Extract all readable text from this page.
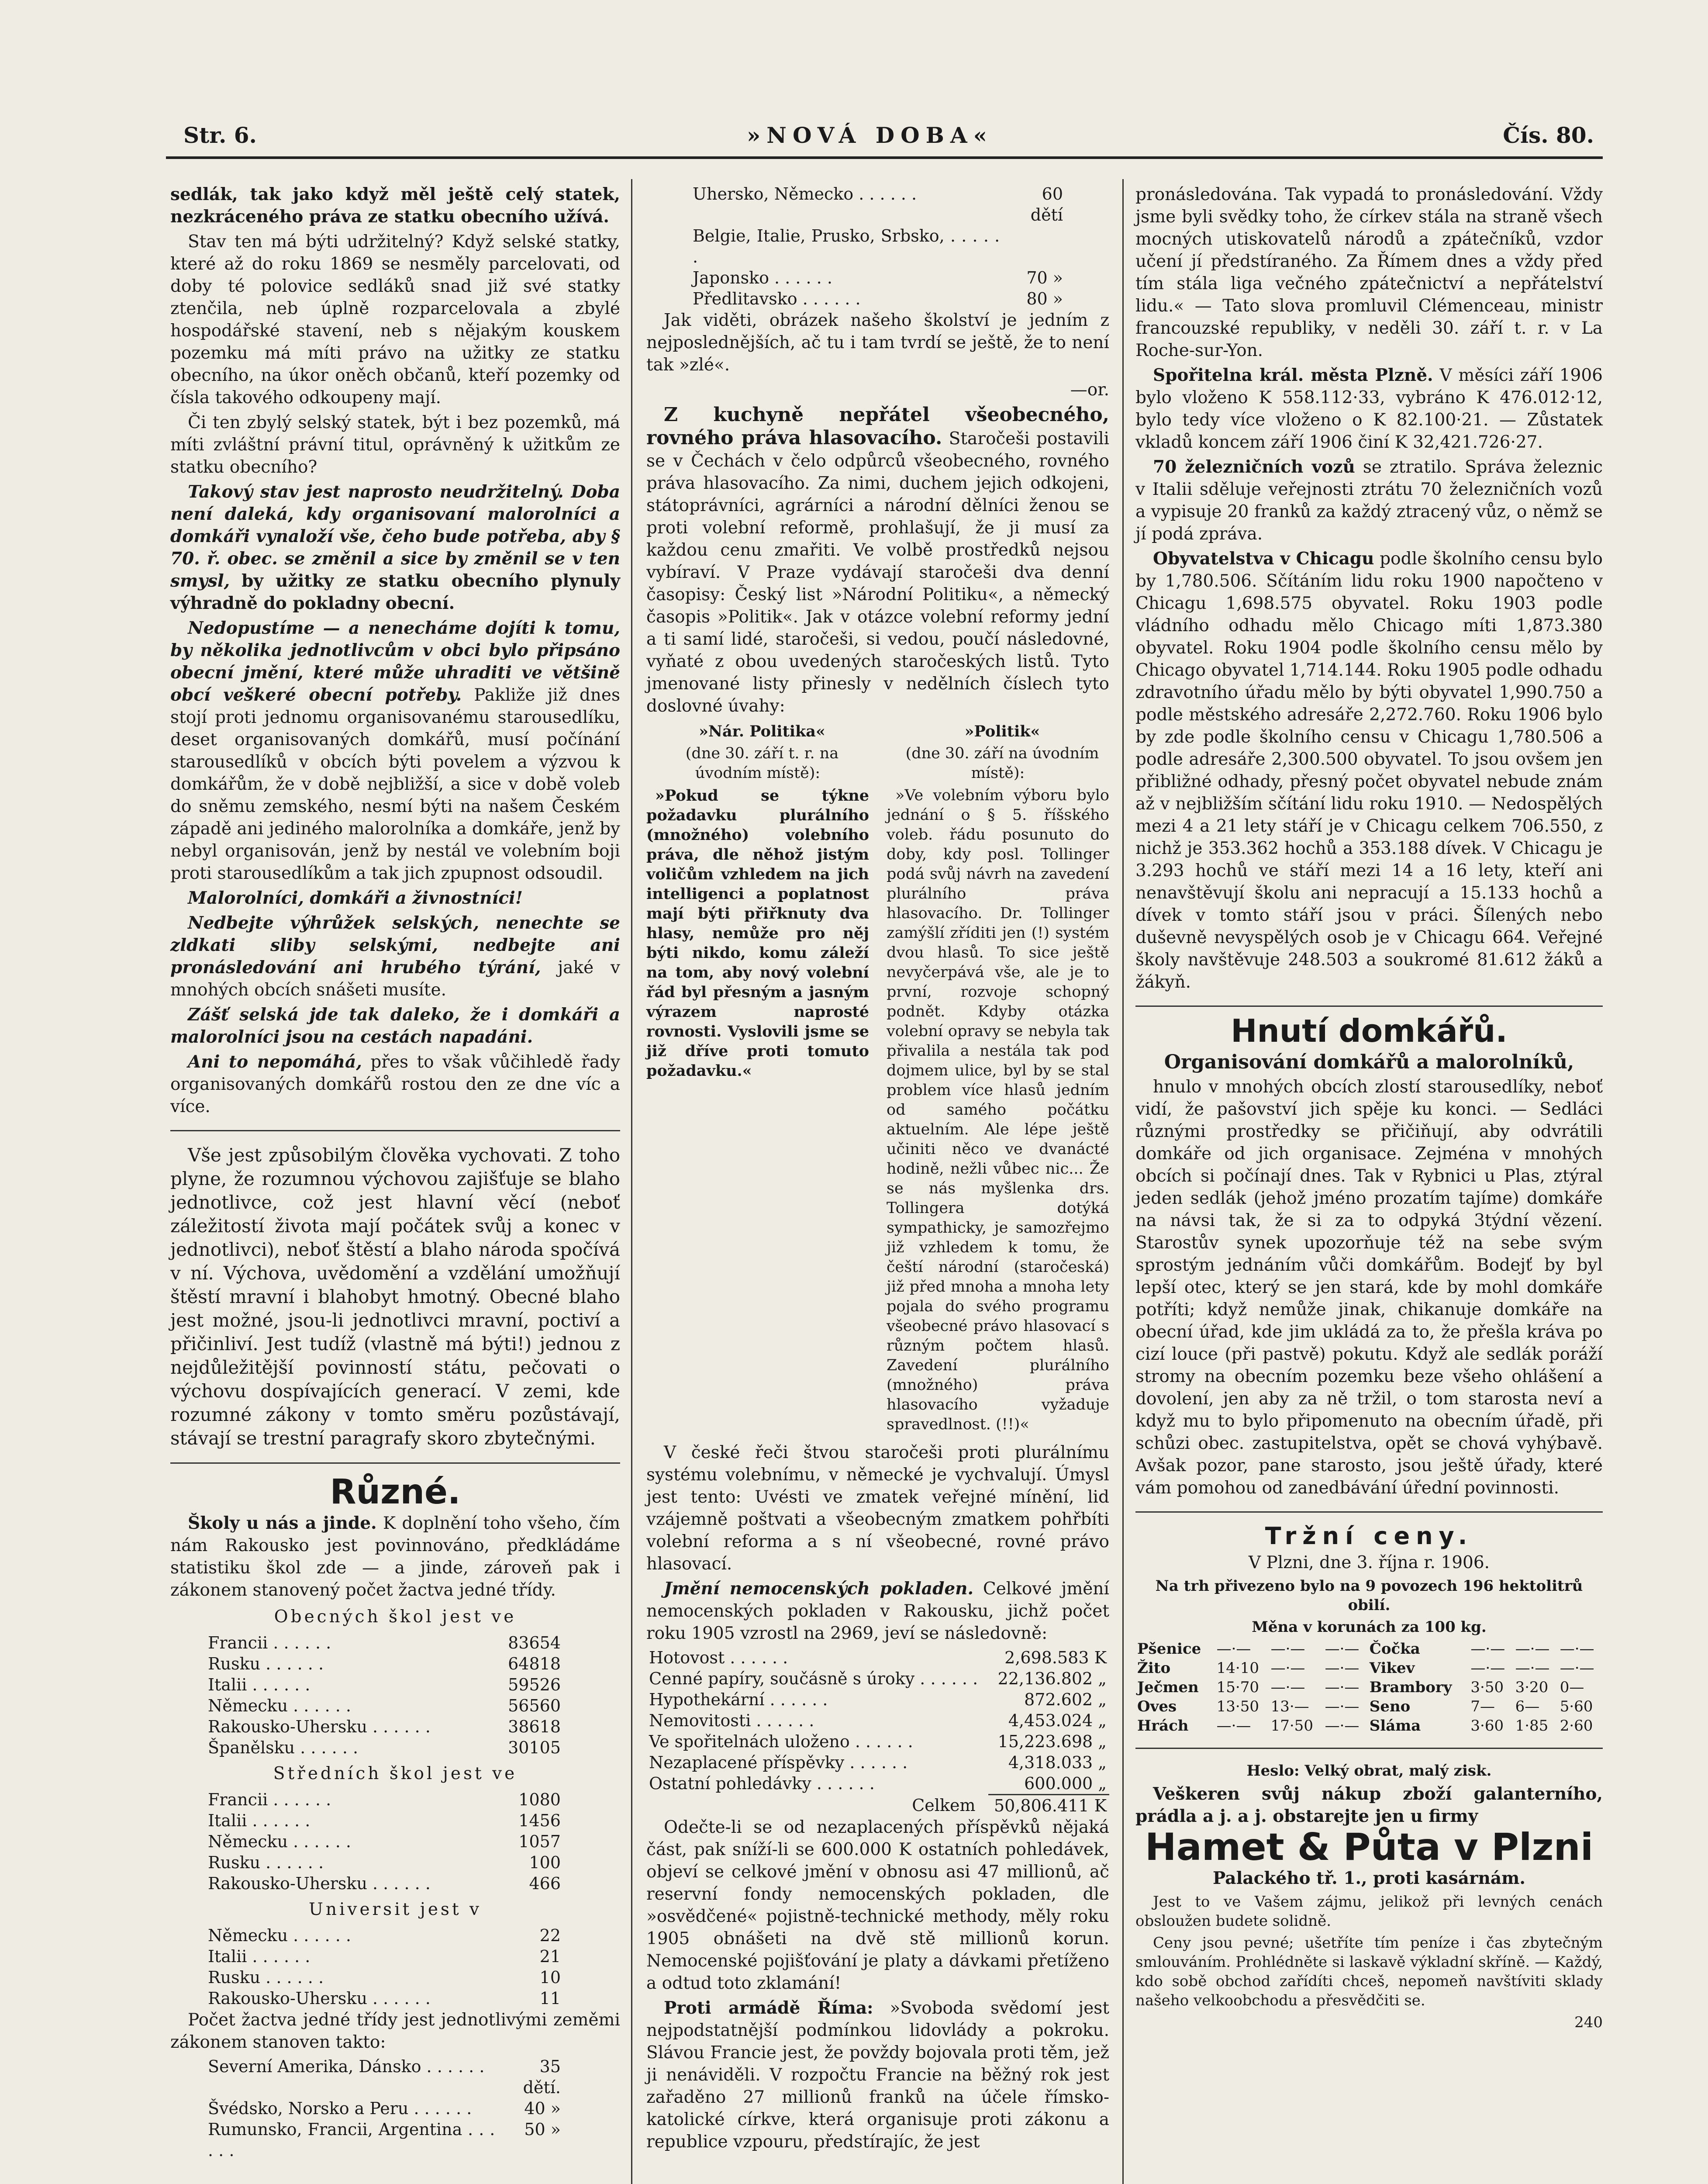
Str. 6.	»NOVÁ DOBA«	Čís. 80.

sedlák, tak jako když měl ještě celý statek, nezkráceného práva ze statku obecního užívá.

Stav ten má býti udržitelný? Když selské statky, které až do roku 1869 se nesměly parcelovati, od doby té polovice sedláků snad již své statky ztenčila, neb úplně rozparcelovala a zbylé hospodářské stavení, neb s nějakým kouskem pozemku má míti právo na užitky ze statku obecního, na úkor oněch občanů, kteří pozemky od čísla takového odkoupeny mají.

Či ten zbylý selský statek, být i bez pozemků, má míti zvláštní právní titul, oprávněný k užitkům ze statku obecního?

Takový stav jest naprosto neudržitelný. Doba není daleká, kdy organisovaní malorolníci a domkáři vynaloží vše, čeho bude potřeba, aby § 70. ř. obec. se změnil a sice by změnil se v ten smysl, by užitky ze statku obecního plynuly výhradně do pokladny obecní.

Nedopustíme — a nenecháme dojíti k tomu, by několika jednotlivcům v obci bylo připsáno obecní jmění, které může uhraditi ve většině obcí veškeré obecní potřeby. Pakliže již dnes stojí proti jednomu organisovanému starousedlíku, deset organisovaných domkářů, musí počínání starousedlíků v obcích býti povelem a výzvou k domkářům, že v době nejbližší, a sice v době voleb do sněmu zemského, nesmí býti na našem Českém západě ani jediného malorolníka a domkáře, jenž by nebyl organisován, jenž by nestál ve volebním boji proti starousedlíkům a tak jich zpupnost odsoudil.

Malorolníci, domkáři a živnostníci!

Nedbejte výhrůžek selských, nenechte se zldkati sliby selskými, nedbejte ani pronásledování ani hrubého týrání, jaké v mnohých obcích snášeti musíte.

Zášť selská jde tak daleko, že i domkáři a malorolníci jsou na cestách napadáni.

Ani to nepomáhá, přes to však vůčihledě řady organisovaných domkářů rostou den ze dne víc a více.

Vše jest způsobilým člověka vychovati. Z toho plyne, že rozumnou výchovou zajišťuje se blaho jednotlivce, což jest hlavní věcí (neboť záležitostí života mají počátek svůj a konec v jednotlivci), neboť štěstí a blaho národa spočívá v ní. Výchova, uvědomění a vzdělání umožňují štěstí mravní i blahobyt hmotný. Obecné blaho jest možné, jsou-li jednotlivci mravní, poctiví a přičinliví. Jest tudíž (vlastně má býti!) jednou z nejdůležitější povinností státu, pečovati o výchovu dospívajících generací. V zemi, kde rozumné zákony v tomto směru pozůstávají, stávají se trestní paragrafy skoro zbytečnými.

Různé.

Školy u nás a jinde. K doplnění toho všeho, čím nám Rakousko jest povinnováno, předkládáme statistiku škol zde — a jinde, zároveň pak i zákonem stanovený počet žactva jedné třídy.

Obecných škol jest ve
Francii . . . . . .	83654
Rusku . . . . . .	64818
Italii . . . . . .	59526
Německu . . . . . .	56560
Rakousko-Uhersku . . . . . .	38618
Španělsku . . . . . .	30105
Středních škol jest ve
Francii . . . . . .	1080
Italii . . . . . .	1456
Německu . . . . . .	1057
Rusku . . . . . .	100
Rakousko-Uhersku . . . . . .	466
Universit jest v
Německu . . . . . .	22
Italii . . . . . .	21
Rusku . . . . . .	10
Rakousko-Uhersku . . . . . .	11

Počet žactva jedné třídy jest jednotlivými zeměmi zákonem stanoven takto:

Severní Amerika, Dánsko . . . . . .	35 dětí.
Švédsko, Norsko a Peru . . . . . .	40 »
Rumunsko, Francii, Argentina . . . . . .	50 »
Uhersko, Německo . . . . . .	60 dětí
Belgie, Italie, Prusko, Srbsko, . . . . . .	
Japonsko . . . . . .	70 »
Předlitavsko . . . . . .	80 »

Jak viděti, obrázek našeho školství je jedním z nejposlednějších, ač tu i tam tvrdí se ještě, že to není tak »zlé«.

—or.

Z kuchyně nepřátel všeobecného, rovného práva hlasovacího. Staročeši postavili se v Čechách v čelo odpůrců všeobecného, rovného práva hlasovacího. Za nimi, duchem jejich odkojeni, státoprávníci, agrárníci a národní dělníci ženou se proti volební reformě, prohlašují, že ji musí za každou cenu zmařiti. Ve volbě prostředků nejsou vybíraví. V Praze vydávají staročeši dva denní časopisy: Český list »Národní Politiku«, a německý časopis »Politik«. Jak v otázce volební reformy jední a ti samí lidé, staročeši, si vedou, poučí následovné, vyňaté z obou uvedených staročeských listů. Tyto jmenované listy přinesly v nedělních číslech tyto doslovné úvahy:

»Nár. Politika«

(dne 30. září t. r. na úvodním místě):

»Pokud se týkne požadavku plurálního (množného) volebního práva, dle něhož jistým voličům vzhledem na jich intelligenci a poplatnost mají býti přiřknuty dva hlasy, nemůže pro něj býti nikdo, komu záleží na tom, aby nový volební řád byl přesným a jasným výrazem naprosté rovnosti. Vyslovili jsme se již dříve proti tomuto požadavku.«

»Politik«

(dne 30. září na úvodním místě):

»Ve volebním výboru bylo jednání o § 5. říšského voleb. řádu posunuto do doby, kdy posl. Tollinger podá svůj návrh na zavedení plurálního práva hlasovacího. Dr. Tollinger zamýšlí zříditi jen (!) systém dvou hlasů. To sice ještě nevyčerpává vše, ale je to první, rozvoje schopný podnět. Kdyby otázka volební opravy se nebyla tak přivalila a nestála tak pod dojmem ulice, byl by se stal problem více hlasů jedním od samého počátku aktuelním. Ale lépe ještě učiniti něco ve dvanácté hodině, nežli vůbec nic... Že se nás myšlenka drs. Tollingera dotýká sympathicky, je samozřejmo již vzhledem k tomu, že čeští národní (staročeská) již před mnoha a mnoha lety pojala do svého programu všeobecné právo hlasovací s různým počtem hlasů. Zavedení plurálního (množného) práva hlasovacího vyžaduje spravedlnost. (!!)«

V české řeči štvou staročeši proti plurálnímu systému volebnímu, v německé je vychvalují. Úmysl jest tento: Uvésti ve zmatek veřejné mínění, lid vzájemně poštvati a všeobecným zmatkem pohřbíti volební reforma a s ní všeobecné, rovné právo hlasovací.

Jmění nemocenských pokladen. Celkové jmění nemocenských pokladen v Rakousku, jichž počet roku 1905 vzrostl na 2969, jeví se následovně:

Hotovost . . . . . .	2,698.583 K
Cenné papíry, součásně s úroky . . . . . .	22,136.802 „
Hypothekární . . . . . .	872.602 „
Nemovitosti . . . . . .	4,453.024 „
Ve spořitelnách uloženo . . . . . .	15,223.698 „
Nezaplacené příspěvky . . . . . .	4,318.033 „
Ostatní pohledávky . . . . . .	600.000 „
Celkem	50,806.411 K

Odečte-li se od nezaplacených příspěvků nějaká část, pak sníží-li se 600.000 K ostatních pohledávek, objeví se celkové jmění v obnosu asi 47 millionů, ač reservní fondy nemocenských pokladen, dle »osvědčené« pojistně-technické methody, měly roku 1905 obnášeti na dvě stě millionů korun. Nemocenské pojišťování je platy a dávkami přetíženo a odtud toto zklamání!

Proti armádě Říma: »Svoboda svědomí jest nejpodstatnější podmínkou lidovlády a pokroku. Slávou Francie jest, že povždy bojovala proti těm, jež ji nenáviděli. V rozpočtu Francie na běžný rok jest zařaděno 27 millionů franků na účele římsko-katolické církve, která organisuje proti zákonu a republice vzpouru, předstírajíc, že jest

pronásledována. Tak vypadá to pronásledování. Vždy jsme byli svědky toho, že církev stála na straně všech mocných utiskovatelů národů a zpátečníků, vzdor učení jí předstíraného. Za Římem dnes a vždy před tím stála liga večného zpátečnictví a nepřátelství lidu.« — Tato slova promluvil Clémenceau, ministr francouzské republiky, v neděli 30. září t. r. v La Roche-sur-Yon.

Spořitelna král. města Plzně. V měsíci září 1906 bylo vloženo K 558.112·33, vybráno K 476.012·12, bylo tedy více vloženo o K 82.100·21. — Zůstatek vkladů koncem září 1906 činí K 32,421.726·27.

70 železničních vozů se ztratilo. Správa železnic v Italii sděluje veřejnosti ztrátu 70 železničních vozů a vypisuje 20 franků za každý ztracený vůz, o němž se jí podá zpráva.

Obyvatelstva v Chicagu podle školního censu bylo by 1,780.506. Sčítáním lidu roku 1900 napočteno v Chicagu 1,698.575 obyvatel. Roku 1903 podle vládního odhadu mělo Chicago míti 1,873.380 obyvatel. Roku 1904 podle školního censu mělo by Chicago obyvatel 1,714.144. Roku 1905 podle odhadu zdravotního úřadu mělo by býti obyvatel 1,990.750 a podle městského adresáře 2,272.760. Roku 1906 bylo by zde podle školního censu v Chicagu 1,780.506 a podle adresáře 2,300.500 obyvatel. To jsou ovšem jen přibližné odhady, přesný počet obyvatel nebude znám až v nejbližším sčítání lidu roku 1910. — Nedospělých mezi 4 a 21 lety stáří je v Chicagu celkem 706.550, z nichž je 353.362 hochů a 353.188 dívek. V Chicagu je 3.293 hochů ve stáří mezi 14 a 16 lety, kteří ani nenavštěvují školu ani nepracují a 15.133 hochů a dívek v tomto stáří jsou v práci. Šílených nebo duševně nevyspělých osob je v Chicagu 664. Veřejné školy navštěvuje 248.503 a soukromé 81.612 žáků a žákyň.

Hnutí domkářů.

Organisování domkářů a malorolníků,

hnulo v mnohých obcích zlostí starousedlíky, neboť vidí, že pašovství jich spěje ku konci. — Sedláci různými prostředky se přičiňují, aby odvrátili domkáře od jich organisace. Zejména v mnohých obcích si počínají dnes. Tak v Rybnici u Plas, ztýral jeden sedlák (jehož jméno prozatím tajíme) domkáře na návsi tak, že si za to odpyká 3týdní vězení. Starostův synek upozorňuje též na sebe svým sprostým jednáním vůči domkářům. Bodejť by byl lepší otec, který se jen stará, kde by mohl domkáře potříti; když nemůže jinak, chikanuje domkáře na obecní úřad, kde jim ukládá za to, že přešla kráva po cizí louce (při pastvě) pokutu. Když ale sedlák poráží stromy na obecním pozemku beze všeho ohlášení a dovolení, jen aby za ně tržil, o tom starosta neví a když mu to bylo připomenuto na obecním úřadě, při schůzi obec. zastupitelstva, opět se chová vyhýbavě. Avšak pozor, pane starosto, jsou ještě úřady, které vám pomohou od zanedbávání úřední povinnosti.

Tržní ceny.

V Plzni, dne 3. října r. 1906.

Na trh přivezeno bylo na 9 povozech 196 hektolitrů obilí.

Měna v korunách za 100 kg.

Pšenice	—·—	—·—	—·—	Čočka	—·—	—·—	—·—
Žito	14·10	—·—	—·—	Vikev	—·—	—·—	—·—
Ječmen	15·70	—·—	—·—	Brambory	3·50	3·20	0—
Oves	13·50	13·—	—·—	Seno	7—	6—	5·60
Hrách	—·—	17·50	—·—	Sláma	3·60	1·85	2·60

Heslo: Velký obrat, malý zisk.

Veškeren svůj nákup zboží galanterního, prádla a j. a j. obstarejte jen u firmy

Hamet & Půta v Plzni

Palackého tř. 1., proti kasárnám.

Jest to ve Vašem zájmu, jelikož při levných cenách obsloužen budete solidně.

Ceny jsou pevné; ušetříte tím peníze i čas zbytečným smlouváním. Prohlédněte si laskavě výkladní skříně. — Každý, kdo sobě obchod zařídíti chceš, nepomeň navštíviti sklady našeho velkoobchodu a přesvědčiti se.

240
